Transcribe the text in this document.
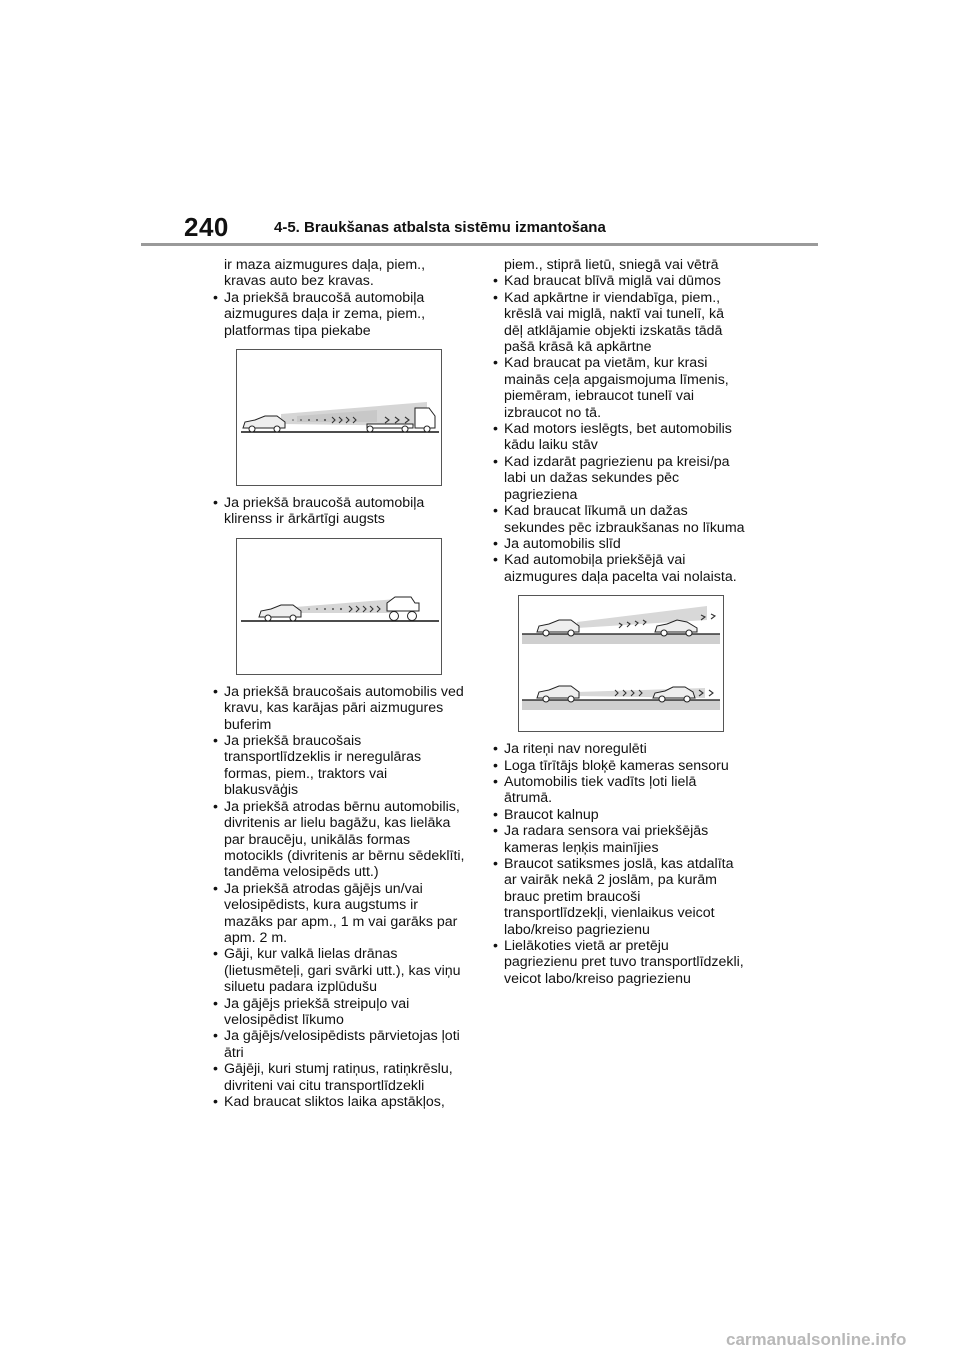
240	4-5. Braukšanas atbalsta sistēmu izmantošana

ir maza aizmugures daļa, piem.,

kravas auto bez kravas.

• Ja priekšā braucošā automobiļa

aizmugures daļa ir zema, piem.,

platformas tipa piekabe

• Ja priekšā braucošā automobiļa

klirenss ir ārkārtīgi augsts

• Ja priekšā braucošais automobilis ved

kravu, kas karājas pāri aizmugures

buferim

• Ja priekšā braucošais

transportlīdzeklis ir neregulāras

formas, piem., traktors vai

blakusvāģis

• Ja priekšā atrodas bērnu automobilis,

divritenis ar lielu bagāžu, kas lielāka

par braucēju, unikālās formas

motocikls (divritenis ar bērnu sēdeklīti,

tandēma velosipēds utt.)

• Ja priekšā atrodas gājējs un/vai

velosipēdists, kura augstums ir

mazāks par apm., 1 m vai garāks par

apm. 2 m.

• Gāji, kur valkā lielas drānas

(lietusmēteļi, gari svārki utt.), kas viņu

siluetu padara izplūdušu

• Ja gājējs priekšā streipuļo vai

velosipēdist līkumo

• Ja gājējs/velosipēdists pārvietojas ļoti

ātri

• Gājēji, kuri stumj ratiņus, ratiņkrēslu,

divriteni vai citu transportlīdzekli

• Kad braucat sliktos laika apstākļos,

piem., stiprā lietū, sniegā vai vētrā

• Kad braucat blīvā miglā vai dūmos

• Kad apkārtne ir viendabīga, piem.,

krēslā vai miglā, naktī vai tunelī, kā

dēļ atklājamie objekti izskatās tādā

pašā krāsā kā apkārtne

• Kad braucat pa vietām, kur krasi

mainās ceļa apgaismojuma līmenis,

piemēram, iebraucot tunelī vai

izbraucot no tā.

• Kad motors ieslēgts, bet automobilis

kādu laiku stāv

• Kad izdarāt pagriezienu pa kreisi/pa

labi un dažas sekundes pēc

pagrieziena

• Kad braucat līkumā un dažas

sekundes pēc izbraukšanas no līkuma

• Ja automobilis slīd

• Kad automobiļa priekšējā vai

aizmugures daļa pacelta vai nolaista.

• Ja riteņi nav noregulēti

• Loga tīrītājs bloķē kameras sensoru

• Automobilis tiek vadīts ļoti lielā

ātrumā.

• Braucot kalnup

• Ja radara sensora vai priekšējās

kameras leņķis mainījies

• Braucot satiksmes joslā, kas atdalīta

ar vairāk nekā 2 joslām, pa kurām

brauc pretim braucoši

transportlīdzekļi, vienlaikus veicot

labo/kreiso pagriezienu

• Lielākoties vietā ar pretēju

pagriezienu pret tuvo transportlīdzekli,

veicot labo/kreiso pagriezienu

carmanualsonline.info
